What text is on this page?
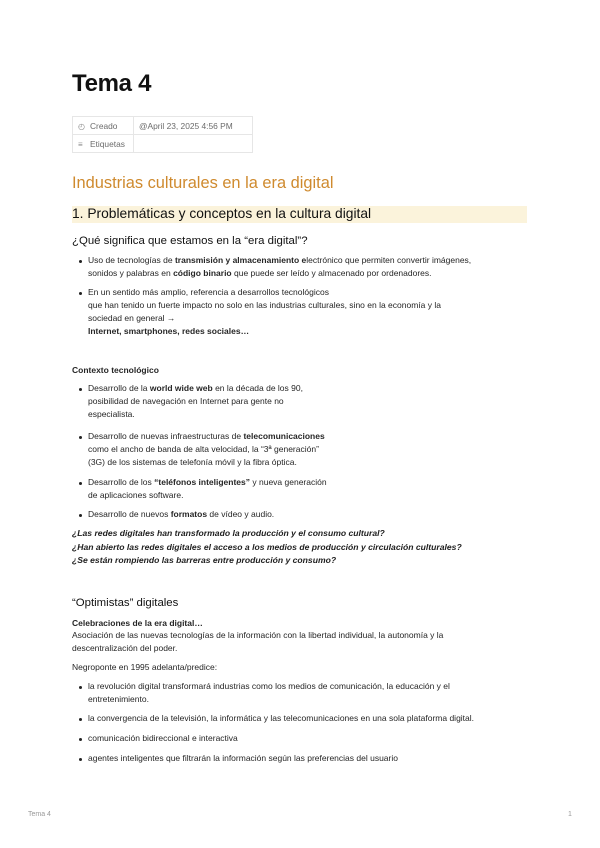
Tema 4
◴ Creado	@April 23, 2025 4:56 PM
≡ Etiquetas	
Industrias culturales en la era digital
1. Problemáticas y conceptos en la cultura digital
¿Qué significa que estamos en la “era digital”?
Uso de tecnologías de transmisión y almacenamiento electrónico que permiten convertir imágenes,
sonidos y palabras en código binario que puede ser leído y almacenado por ordenadores.
En un sentido más amplio, referencia a desarrollos tecnológicos
que han tenido un fuerte impacto no solo en las industrias culturales, sino en la economía y la
sociedad en general →
Internet, smartphones, redes sociales…
Contexto tecnológico
Desarrollo de la world wide web en la década de los 90,
posibilidad de navegación en Internet para gente no
especialista.
Desarrollo de nuevas infraestructuras de telecomunicaciones
como el ancho de banda de alta velocidad, la “3ª generación”
(3G) de los sistemas de telefonía móvil y la fibra óptica.
Desarrollo de los “teléfonos inteligentes” y nueva generación
de aplicaciones software.
Desarrollo de nuevos formatos de vídeo y audio.
¿Las redes digitales han transformado la producción y el consumo cultural?
¿Han abierto las redes digitales el acceso a los medios de producción y circulación culturales?
¿Se están rompiendo las barreras entre producción y consumo?
“Optimistas” digitales
Celebraciones de la era digital…
Asociación de las nuevas tecnologías de la información con la libertad individual, la autonomía y la
descentralización del poder.
Negroponte en 1995 adelanta/predice:
la revolución digital transformará industrias como los medios de comunicación, la educación y el
entretenimiento.
la convergencia de la televisión, la informática y las telecomunicaciones en una sola plataforma digital.
comunicación bidireccional e interactiva
agentes inteligentes que filtrarán la información según las preferencias del usuario
Tema 4	1
